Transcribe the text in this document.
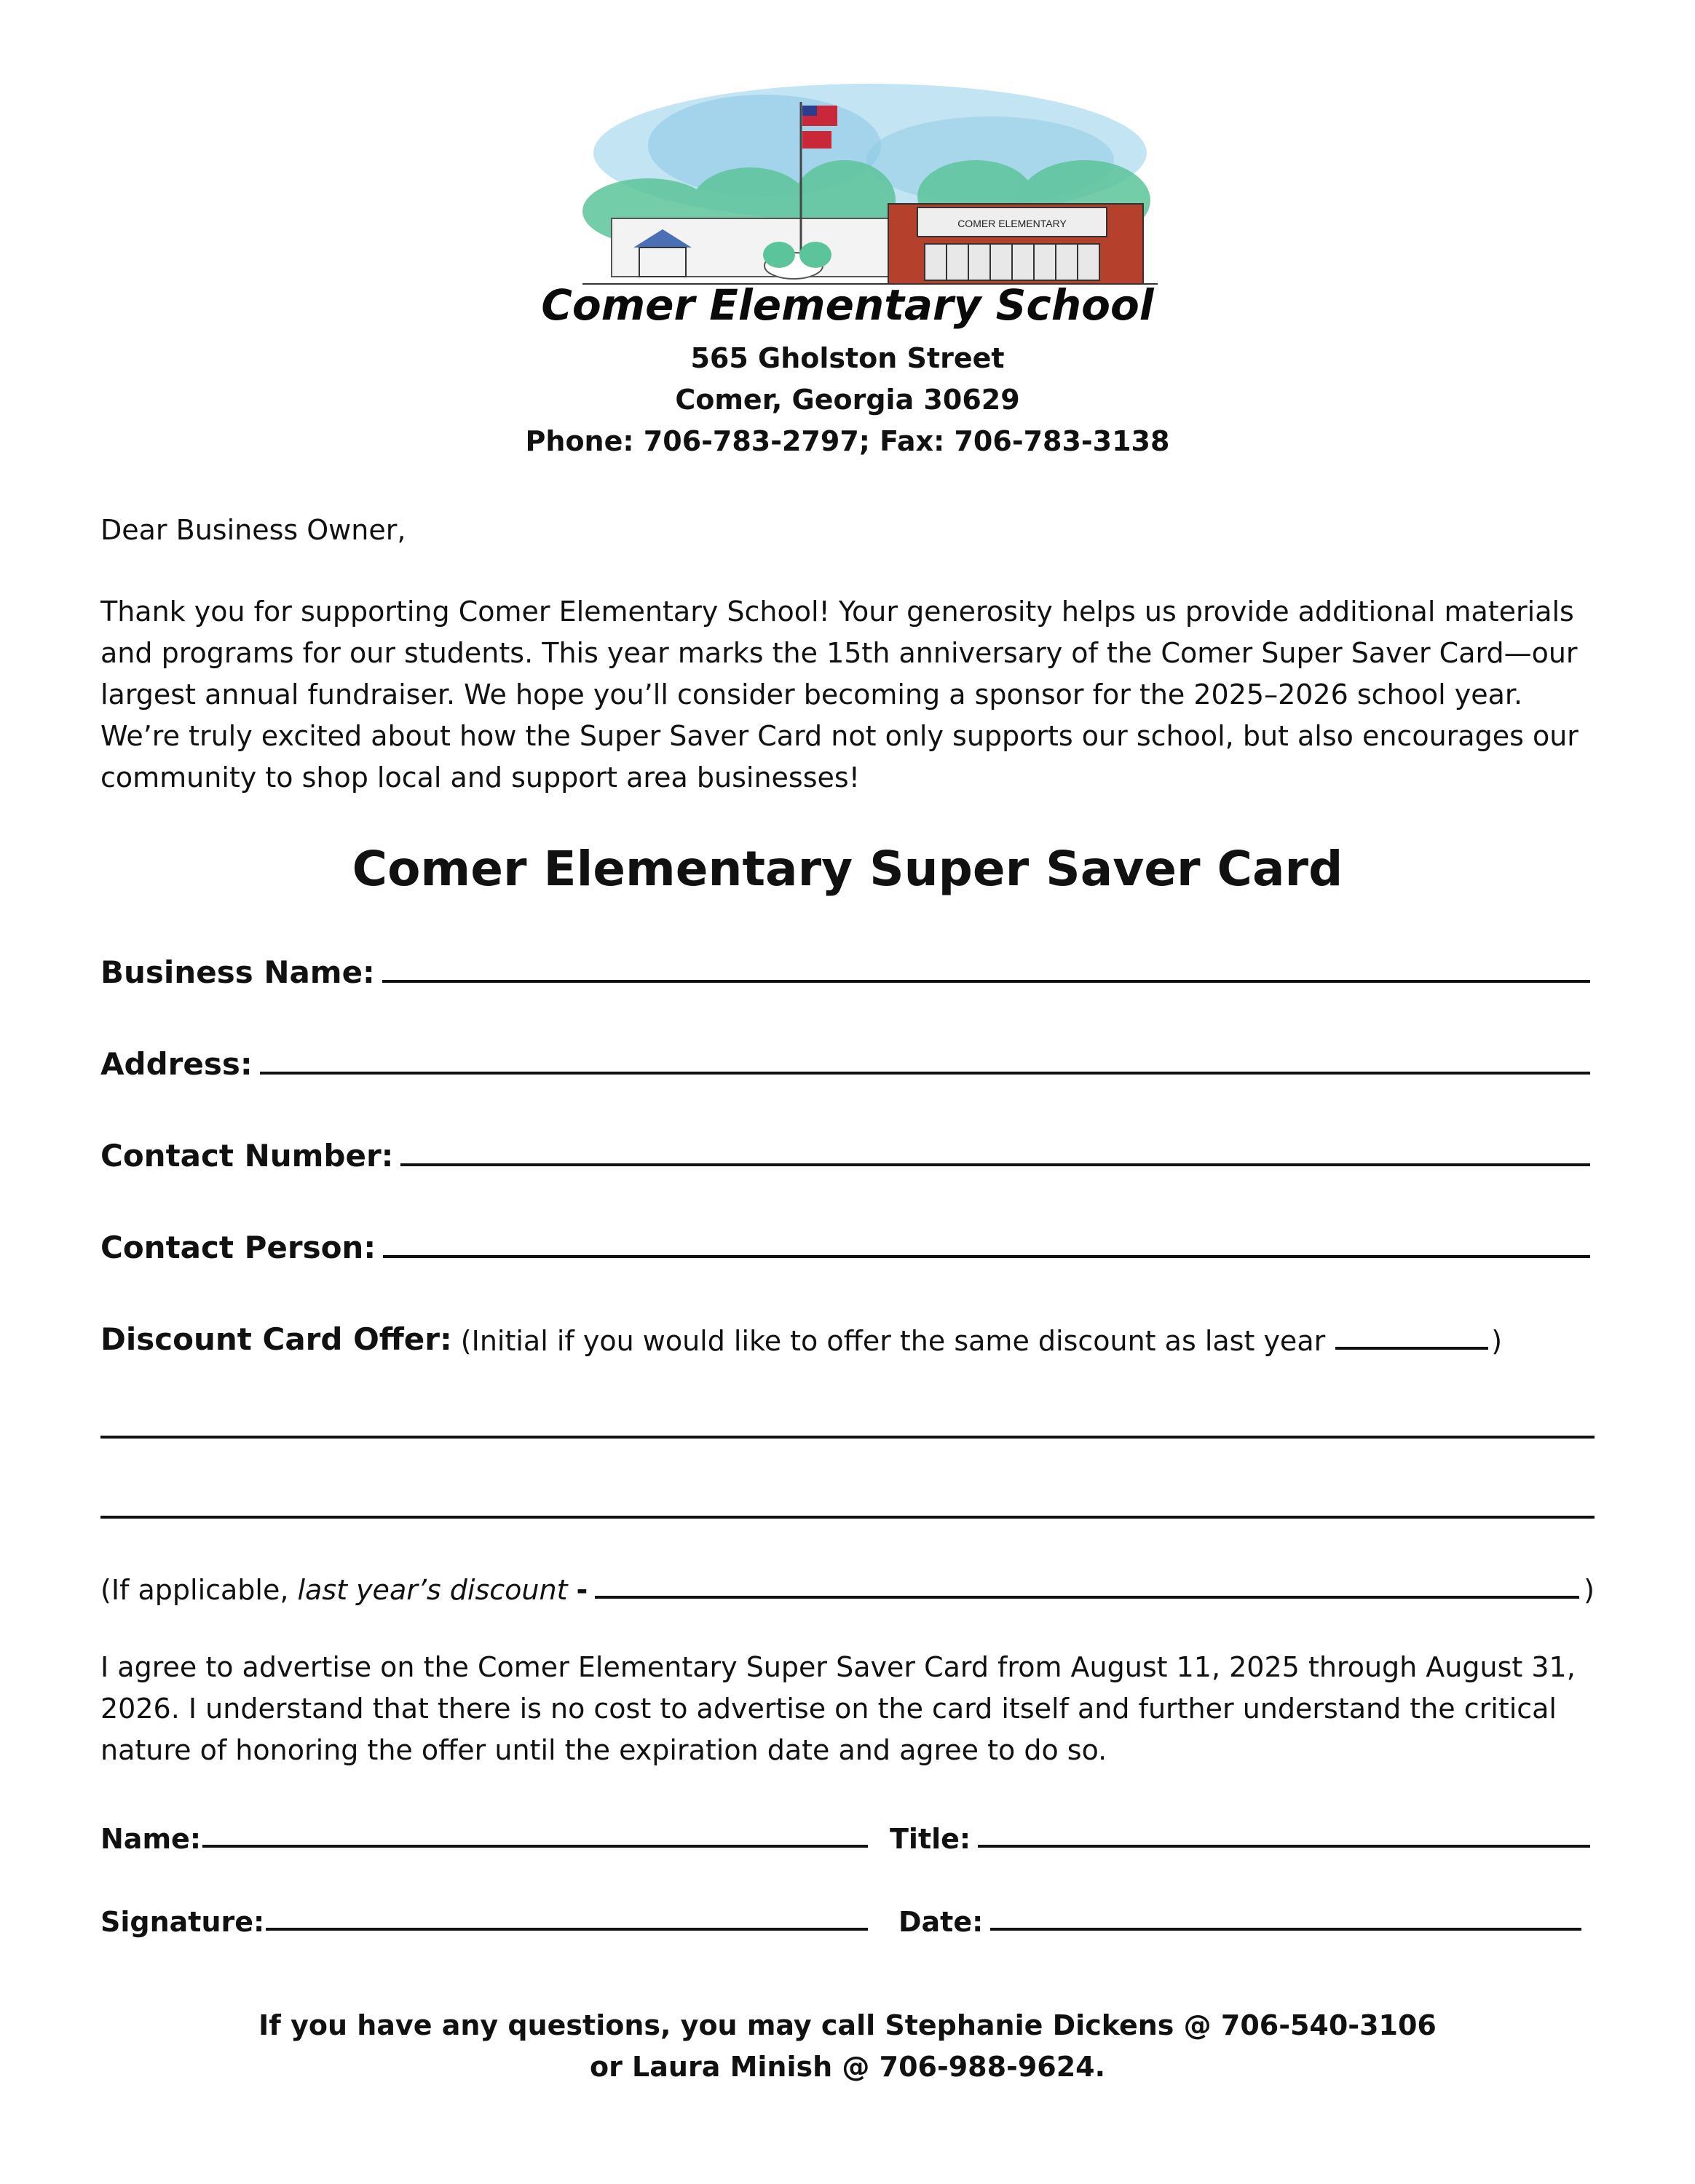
COMER ELEMENTARY
Comer Elementary School
565 Gholston Street
Comer, Georgia 30629
Phone: 706-783-2797; Fax: 706-783-3138
Dear Business Owner,
Thank you for supporting Comer Elementary School! Your generosity helps us provide additional materials and programs for our students. This year marks the 15th anniversary of the Comer Super Saver Card—our largest annual fundraiser. We hope you’ll consider becoming a sponsor for the 2025–2026 school year. We’re truly excited about how the Super Saver Card not only supports our school, but also encourages our community to shop local and support area businesses!
Comer Elementary Super Saver Card
Business Name:
Address:
Contact Number:
Contact Person:
Discount Card Offer: (Initial if you would like to offer the same discount as last year	)
(If applicable, last year’s discount -	)
I agree to advertise on the Comer Elementary Super Saver Card from August 11, 2025 through August 31, 2026. I understand that there is no cost to advertise on the card itself and further understand the critical nature of honoring the offer until the expiration date and agree to do so.
Name:	Title:
Signature:	Date:
If you have any questions, you may call Stephanie Dickens @ 706-540-3106
or Laura Minish @ 706-988-9624.
